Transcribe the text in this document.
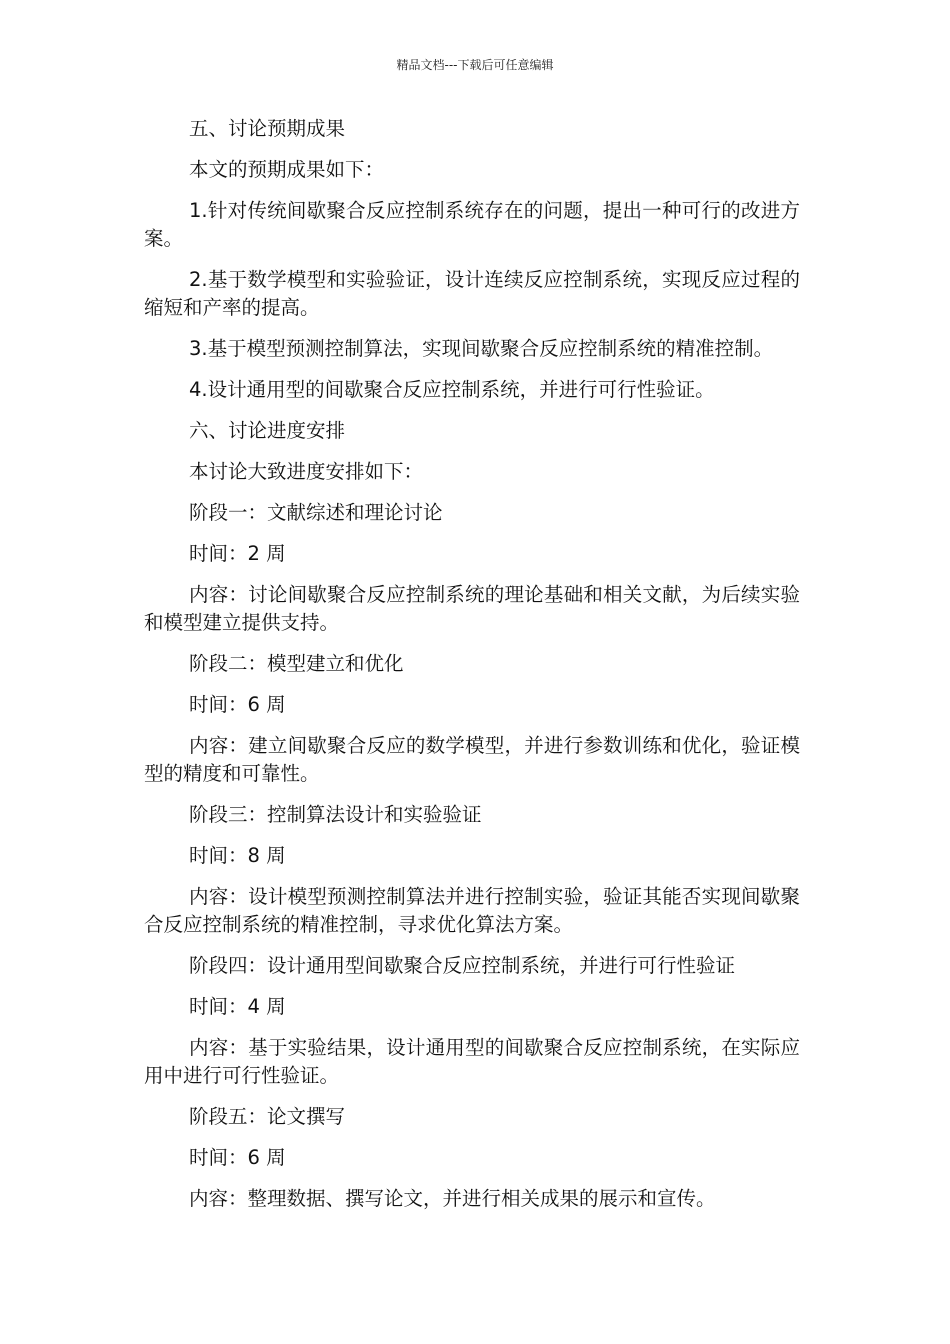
精品文档---下载后可任意编辑

五、讨论预期成果

本文的预期成果如下：

1.针对传统间歇聚合反应控制系统存在的问题，提出一种可行的改进方案。

2.基于数学模型和实验验证，设计连续反应控制系统，实现反应过程的缩短和产率的提高。

3.基于模型预测控制算法，实现间歇聚合反应控制系统的精准控制。

4.设计通用型的间歇聚合反应控制系统，并进行可行性验证。

六、讨论进度安排

本讨论大致进度安排如下：

阶段一：文献综述和理论讨论

时间：2 周

内容：讨论间歇聚合反应控制系统的理论基础和相关文献，为后续实验和模型建立提供支持。

阶段二：模型建立和优化

时间：6 周

内容：建立间歇聚合反应的数学模型，并进行参数训练和优化，验证模型的精度和可靠性。

阶段三：控制算法设计和实验验证

时间：8 周

内容：设计模型预测控制算法并进行控制实验，验证其能否实现间歇聚合反应控制系统的精准控制，寻求优化算法方案。

阶段四：设计通用型间歇聚合反应控制系统，并进行可行性验证

时间：4 周

内容：基于实验结果，设计通用型的间歇聚合反应控制系统，在实际应用中进行可行性验证。

阶段五：论文撰写

时间：6 周

内容：整理数据、撰写论文，并进行相关成果的展示和宣传。
